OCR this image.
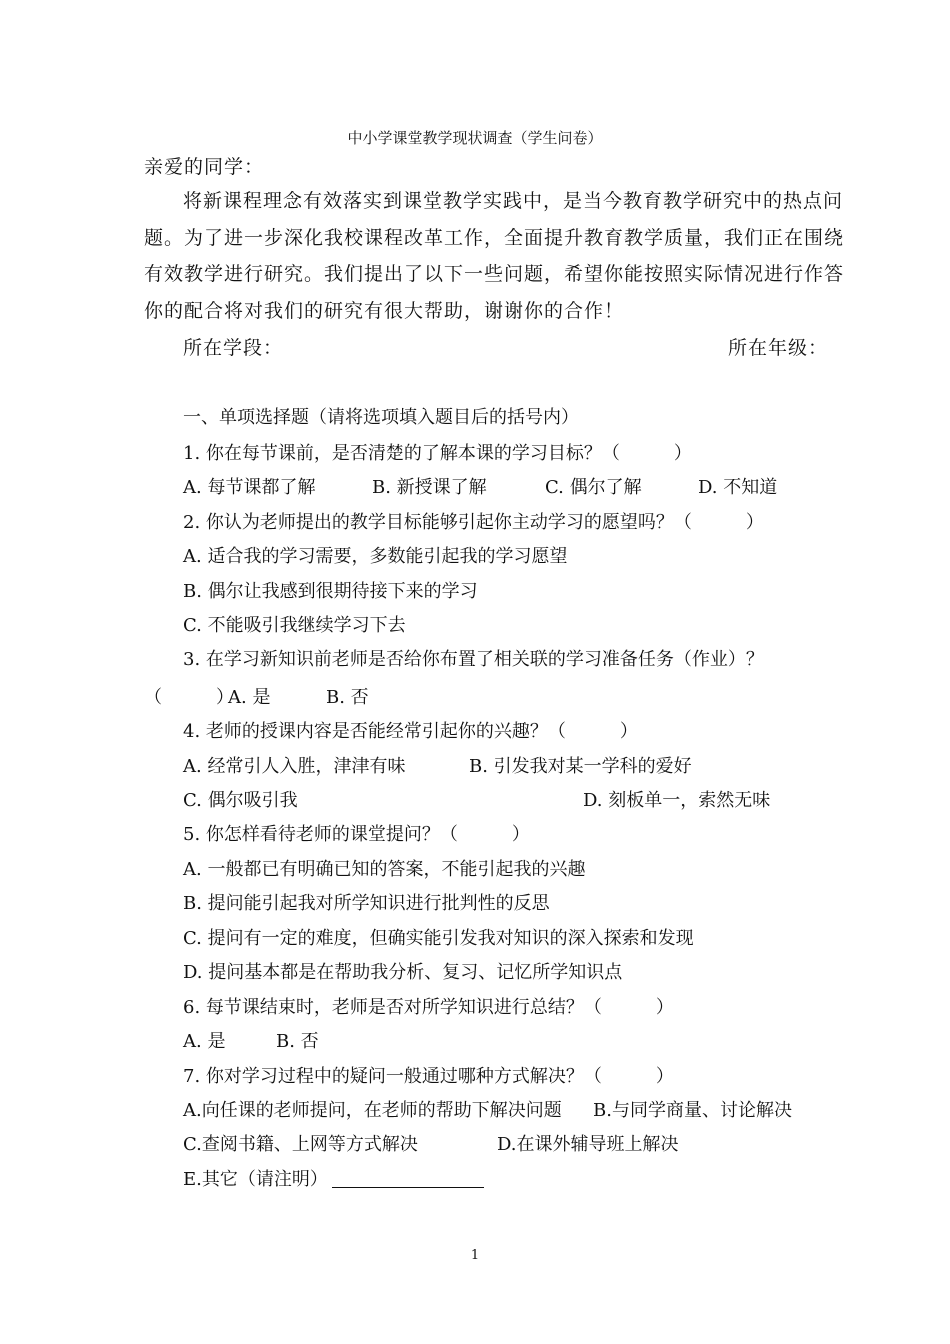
中小学课堂教学现状调查（学生问卷）
亲爱的同学：
将新课程理念有效落实到课堂教学实践中，是当今教育教学研究中的热点问
题。为了进一步深化我校课程改革工作，全面提升教育教学质量，我们正在围绕
有效教学进行研究。我们提出了以下一些问题，希望你能按照实际情况进行作答
你的配合将对我们的研究有很大帮助，谢谢你的合作！
所在学段：	所在年级：
一、单项选择题（请将选项填入题目后的括号内）
1. 你在每节课前，是否清楚的了解本课的学习目标？（　　　）
A. 每节课都了解	B. 新授课了解	C. 偶尔了解	D. 不知道
2. 你认为老师提出的教学目标能够引起你主动学习的愿望吗？（　　　）
A. 适合我的学习需要，多数能引起我的学习愿望
B. 偶尔让我感到很期待接下来的学习
C. 不能吸引我继续学习下去
3. 在学习新知识前老师是否给你布置了相关联的学习准备任务（作业）？
（　　　）
A. 是	B. 否
4. 老师的授课内容是否能经常引起你的兴趣？（　　　）
A. 经常引人入胜，津津有味	B. 引发我对某一学科的爱好
C. 偶尔吸引我	D. 刻板单一，索然无味
5. 你怎样看待老师的课堂提问？（　　　）
A. 一般都已有明确已知的答案，不能引起我的兴趣
B. 提问能引起我对所学知识进行批判性的反思
C. 提问有一定的难度，但确实能引发我对知识的深入探索和发现
D. 提问基本都是在帮助我分析、复习、记忆所学知识点
6. 每节课结束时，老师是否对所学知识进行总结？（　　　）
A. 是	B. 否
7. 你对学习过程中的疑问一般通过哪种方式解决？（　　　）
A.向任课的老师提问，在老师的帮助下解决问题 B.与同学商量、讨论解决
C.查阅书籍、上网等方式解决	D.在课外辅导班上解决
E.其它（请注明）
1
